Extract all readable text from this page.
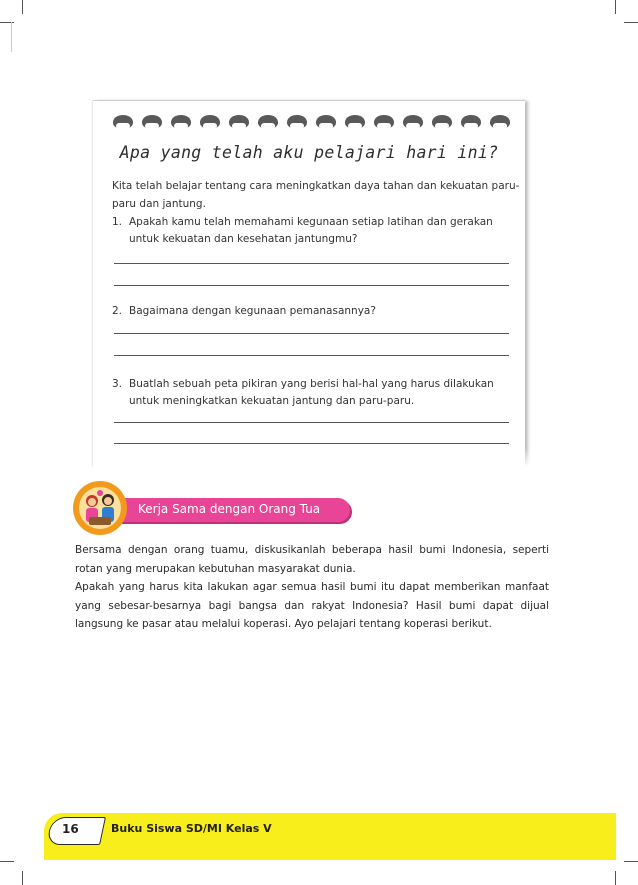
Apa yang telah aku pelajari hari ini?
Kita telah belajar tentang cara meningkatkan daya tahan dan kekuatan paru-paru dan jantung.
1. Apakah kamu telah memahami kegunaan setiap latihan dan gerakan untuk kekuatan dan kesehatan jantungmu?
2. Bagaimana dengan kegunaan pemanasannya?
3. Buatlah sebuah peta pikiran yang berisi hal-hal yang harus dilakukan untuk meningkatkan kekuatan jantung dan paru-paru.
Kerja Sama dengan Orang Tua

Bersama dengan orang tuamu, diskusikanlah beberapa hasil bumi Indonesia, seperti rotan yang merupakan kebutuhan masyarakat dunia.

Apakah yang harus kita lakukan agar semua hasil bumi itu dapat memberikan manfaat yang sebesar-besarnya bagi bangsa dan rakyat Indonesia? Hasil bumi dapat dijual langsung ke pasar atau melalui koperasi. Ayo pelajari tentang koperasi berikut.

16	Buku Siswa SD/MI Kelas V
